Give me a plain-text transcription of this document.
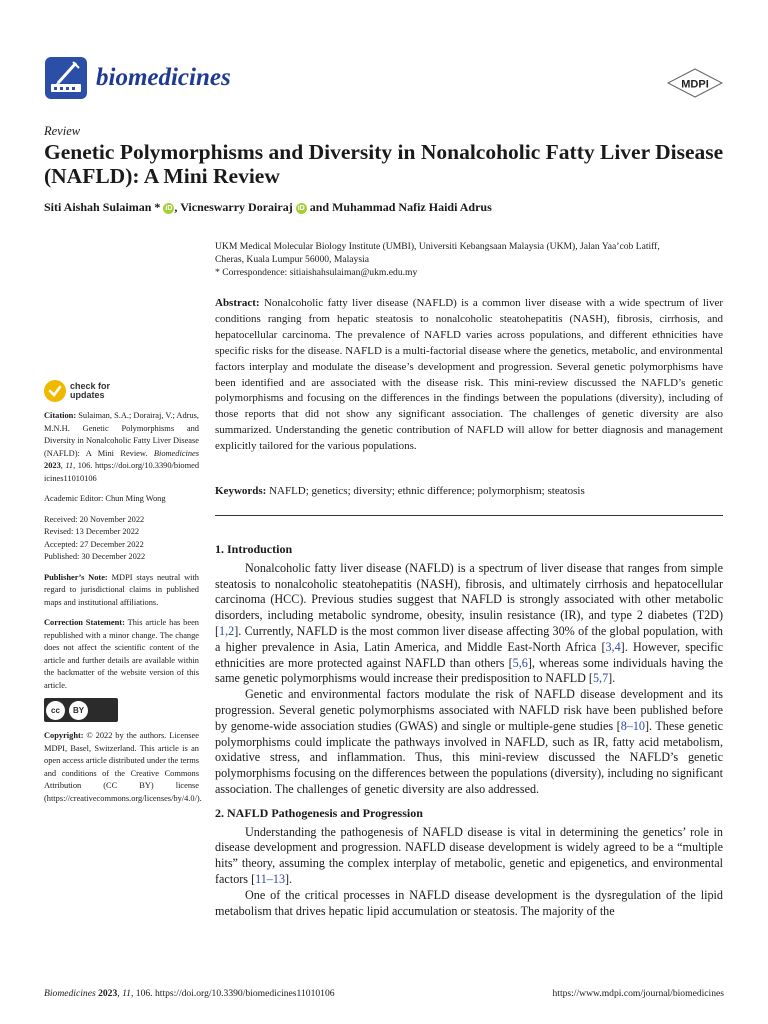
biomedicines	MDPI
Review
Genetic Polymorphisms and Diversity in Nonalcoholic Fatty Liver Disease (NAFLD): A Mini Review
Siti Aishah Sulaiman * iD , Vicneswarry Dorairaj iD and Muhammad Nafiz Haidi Adrus
UKM Medical Molecular Biology Institute (UMBI), Universiti Kebangsaan Malaysia (UKM), Jalan Yaa’cob Latiff,
Cheras, Kuala Lumpur 56000, Malaysia
* Correspondence: sitiaishahsulaiman@ukm.edu.my
Abstract: Nonalcoholic fatty liver disease (NAFLD) is a common liver disease with a wide spectrum of liver conditions ranging from hepatic steatosis to nonalcoholic steatohepatitis (NASH), fibrosis, cirrhosis, and hepatocellular carcinoma. The prevalence of NAFLD varies across populations, and different ethnicities have specific risks for the disease. NAFLD is a multi-factorial disease where the genetics, metabolic, and environmental factors interplay and modulate the disease’s development and progression. Several genetic polymorphisms have been identified and are associated with the disease risk. This mini-review discussed the NAFLD’s genetic polymorphisms and focusing on the differences in the findings between the populations (diversity), including of those reports that did not show any significant association. The challenges of genetic diversity are also summarized. Understanding the genetic contribution of NAFLD will allow for better diagnosis and management explicitly tailored for the various populations.
Keywords: NAFLD; genetics; diversity; ethnic difference; polymorphism; steatosis
check for
updates
Citation: Sulaiman, S.A.; Dorairaj, V.; Adrus, M.N.H. Genetic Polymorphisms and Diversity in Nonalcoholic Fatty Liver Disease (NAFLD): A Mini Review. Biomedicines 2023, 11, 106. https://doi.org/10.3390/biomedicines11010106
Academic Editor: Chun Ming Wong
Received: 20 November 2022
Revised: 13 December 2022
Accepted: 27 December 2022
Published: 30 December 2022
Publisher’s Note: MDPI stays neutral with regard to jurisdictional claims in published maps and institutional affiliations.
Correction Statement: This article has been republished with a minor change. The change does not affect the scientific content of the article and further details are available within the backmatter of the website version of this article.
cc	BY
Copyright: © 2022 by the authors. Licensee MDPI, Basel, Switzerland. This article is an open access article distributed under the terms and conditions of the Creative Commons Attribution (CC BY) license (https://creativecommons.org/licenses/by/4.0/).
1. Introduction
Nonalcoholic fatty liver disease (NAFLD) is a spectrum of liver disease that ranges from simple steatosis to nonalcoholic steatohepatitis (NASH), fibrosis, and ultimately cirrhosis and hepatocellular carcinoma (HCC). Previous studies suggest that NAFLD is strongly associated with other metabolic disorders, including metabolic syndrome, obesity, insulin resistance (IR), and type 2 diabetes (T2D) [1,2]. Currently, NAFLD is the most common liver disease affecting 30% of the global population, with a higher prevalence in Asia, Latin America, and Middle East-North Africa [3,4]. However, specific ethnicities are more protected against NAFLD than others [5,6], whereas some individuals having the same genetic polymorphisms would increase their predisposition to NAFLD [5,7].
Genetic and environmental factors modulate the risk of NAFLD disease development and its progression. Several genetic polymorphisms associated with NAFLD risk have been published before by genome-wide association studies (GWAS) and single or multiple-gene studies [8–10]. These genetic polymorphisms could implicate the pathways involved in NAFLD, such as IR, fatty acid metabolism, oxidative stress, and inflammation. Thus, this mini-review discussed the NAFLD’s genetic polymorphisms focusing on the differences between the populations (diversity), including no significant association. The challenges of genetic diversity are also addressed.
2. NAFLD Pathogenesis and Progression
Understanding the pathogenesis of NAFLD disease is vital in determining the genetics’ role in disease development and progression. NAFLD disease development is widely agreed to be a “multiple hits” theory, assuming the complex interplay of metabolic, genetic and epigenetics, and environmental factors [11–13].
One of the critical processes in NAFLD disease development is the dysregulation of the lipid metabolism that drives hepatic lipid accumulation or steatosis. The majority of the
Biomedicines 2023, 11, 106. https://doi.org/10.3390/biomedicines11010106	https://www.mdpi.com/journal/biomedicines
